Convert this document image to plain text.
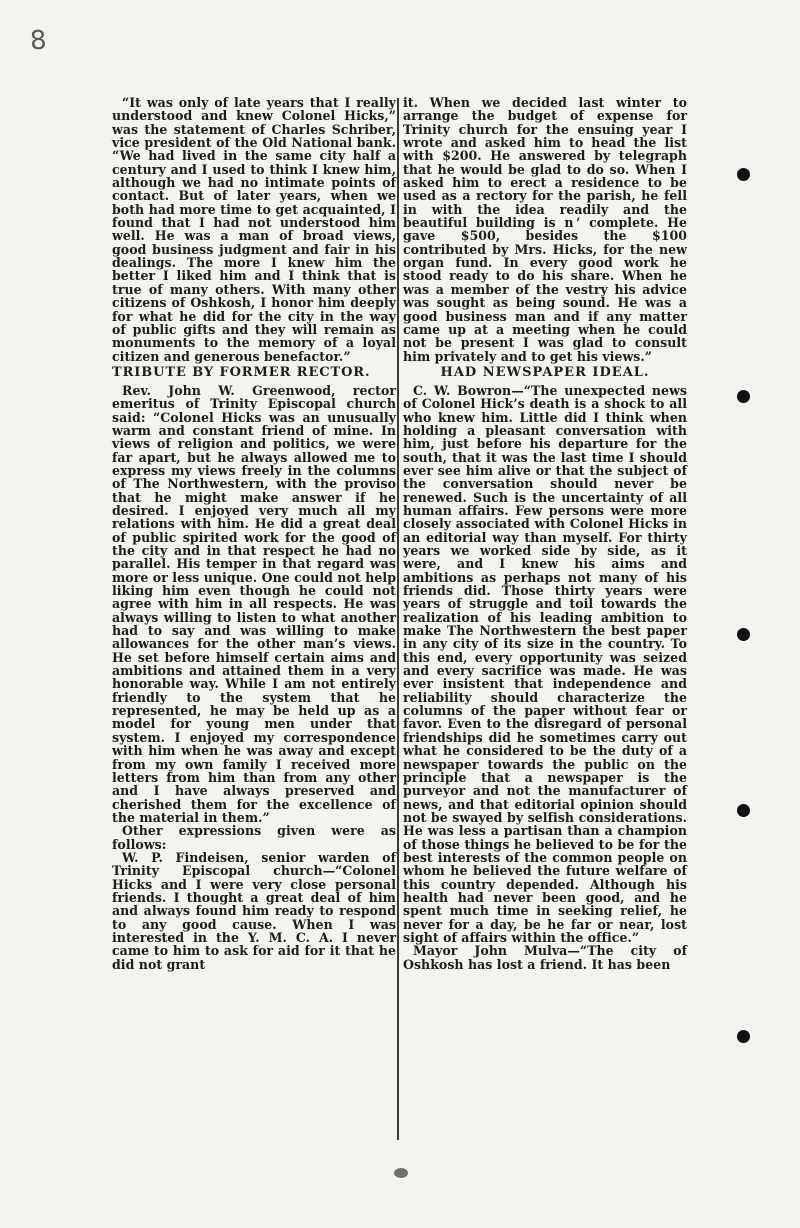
8

“It was only of late years that I really understood and knew Colonel Hicks,” was the statement of Charles Schriber, vice president of the Old National bank. “We had lived in the same city half a century and I used to think I knew him, although we had no intimate points of contact. But of later years, when we both had more time to get acquainted, I found that I had not understood him well. He was a man of broad views, good business judgment and fair in his dealings. The more I knew him the better I liked him and I think that is true of many others. With many other citizens of Oshkosh, I honor him deeply for what he did for the city in the way of public gifts and they will remain as monuments to the memory of a loyal citizen and generous benefactor.”

TRIBUTE BY FORMER RECTOR.

Rev. John W. Greenwood, rector emeritus of Trinity Episcopal church said: “Colonel Hicks was an unusually warm and constant friend of mine. In views of religion and politics, we were far apart, but he always allowed me to express my views freely in the columns of The Northwestern, with the proviso that he might make answer if he desired. I enjoyed very much all my relations with him. He did a great deal of public spirited work for the good of the city and in that respect he had no parallel. His temper in that regard was more or less unique. One could not help liking him even though he could not agree with him in all respects. He was always willing to listen to what another had to say and was willing to make allowances for the other man’s views. He set before himself certain aims and ambitions and attained them in a very honorable way. While I am not entirely friendly to the system that he represented, he may be held up as a model for young men under that system. I enjoyed my correspondence with him when he was away and except from my own family I received more letters from him than from any other and I have always preserved and cherished them for the excellence of the material in them.”

Other expressions given were as follows:

W. P. Findeisen, senior warden of Trinity Episcopal church—“Colonel Hicks and I were very close personal friends. I thought a great deal of him and always found him ready to respond to any good cause. When I was interested in the Y. M. C. A. I never came to him to ask for aid for it that he did not grant

it. When we decided last winter to arrange the budget of expense for Trinity church for the ensuing year I wrote and asked him to head the list with $200. He answered by telegraph that he would be glad to do so. When I asked him to erect a residence to be used as a rectory for the parish, he fell in with the idea readily and the beautiful building is n ’ complete. He gave $500, besides the $100 contributed by Mrs. Hicks, for the new organ fund. In every good work he stood ready to do his share. When he was a member of the vestry his advice was sought as being sound. He was a good business man and if any matter came up at a meeting when he could not be present I was glad to consult him privately and to get his views.”

HAD NEWSPAPER IDEAL.

C. W. Bowron—“The unexpected news of Colonel Hick’s death is a shock to all who knew him. Little did I think when holding a pleasant conversation with him, just before his departure for the south, that it was the last time I should ever see him alive or that the subject of the conversation should never be renewed. Such is the uncertainty of all human affairs. Few persons were more closely associated with Colonel Hicks in an editorial way than myself. For thirty years we worked side by side, as it were, and I knew his aims and ambitions as perhaps not many of his friends did. Those thirty years were years of struggle and toil towards the realization of his leading ambition to make The Northwestern the best paper in any city of its size in the country. To this end, every opportunity was seized and every sacrifice was made. He was ever insistent that independence and reliability should characterize the columns of the paper without fear or favor. Even to the disregard of personal friendships did he sometimes carry out what he considered to be the duty of a newspaper towards the public on the principle that a newspaper is the purveyor and not the manufacturer of news, and that editorial opinion should not be swayed by selfish considerations. He was less a partisan than a champion of those things he believed to be for the best interests of the common people on whom he believed the future welfare of this country depended. Although his health had never been good, and he spent much time in seeking relief, he never for a day, be he far or near, lost sight of affairs within the office.”

Mayor John Mulva—“The city of Oshkosh has lost a friend. It has been
